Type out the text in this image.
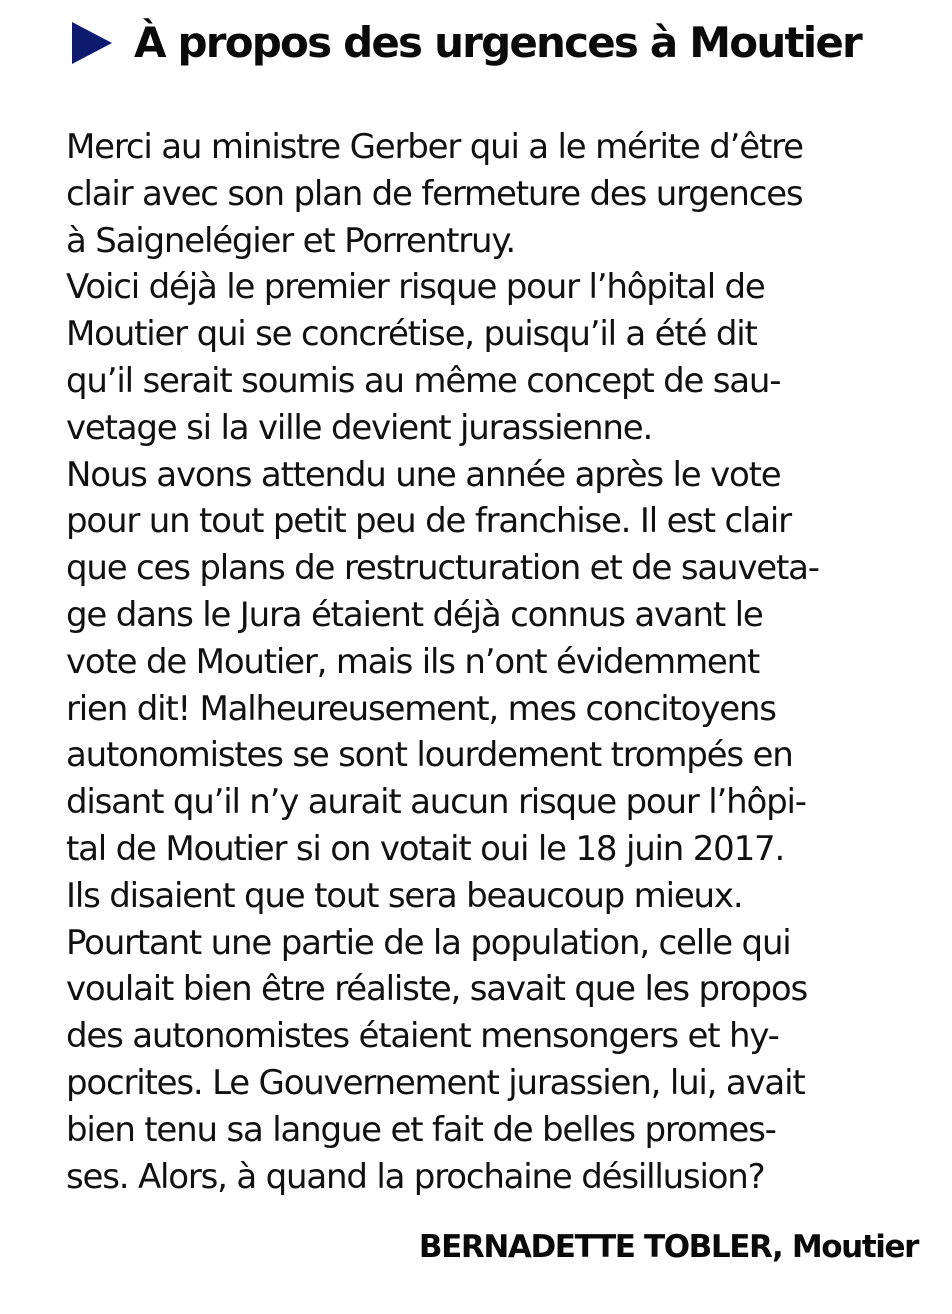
À propos des urgences à Moutier
Merci au ministre Gerber qui a le mérite d’être
clair avec son plan de fermeture des urgences
à Saignelégier et Porrentruy.
Voici déjà le premier risque pour l’hôpital de
Moutier qui se concrétise, puisqu’il a été dit
qu’il serait soumis au même concept de sau-
vetage si la ville devient jurassienne.
Nous avons attendu une année après le vote
pour un tout petit peu de franchise. Il est clair
que ces plans de restructuration et de sauveta-
ge dans le Jura étaient déjà connus avant le
vote de Moutier, mais ils n’ont évidemment
rien dit! Malheureusement, mes concitoyens
autonomistes se sont lourdement trompés en
disant qu’il n’y aurait aucun risque pour l’hôpi-
tal de Moutier si on votait oui le 18 juin 2017.
Ils disaient que tout sera beaucoup mieux.
Pourtant une partie de la population, celle qui
voulait bien être réaliste, savait que les propos
des autonomistes étaient mensongers et hy-
pocrites. Le Gouvernement jurassien, lui, avait
bien tenu sa langue et fait de belles promes-
ses. Alors, à quand la prochaine désillusion?
BERNADETTE TOBLER, Moutier
